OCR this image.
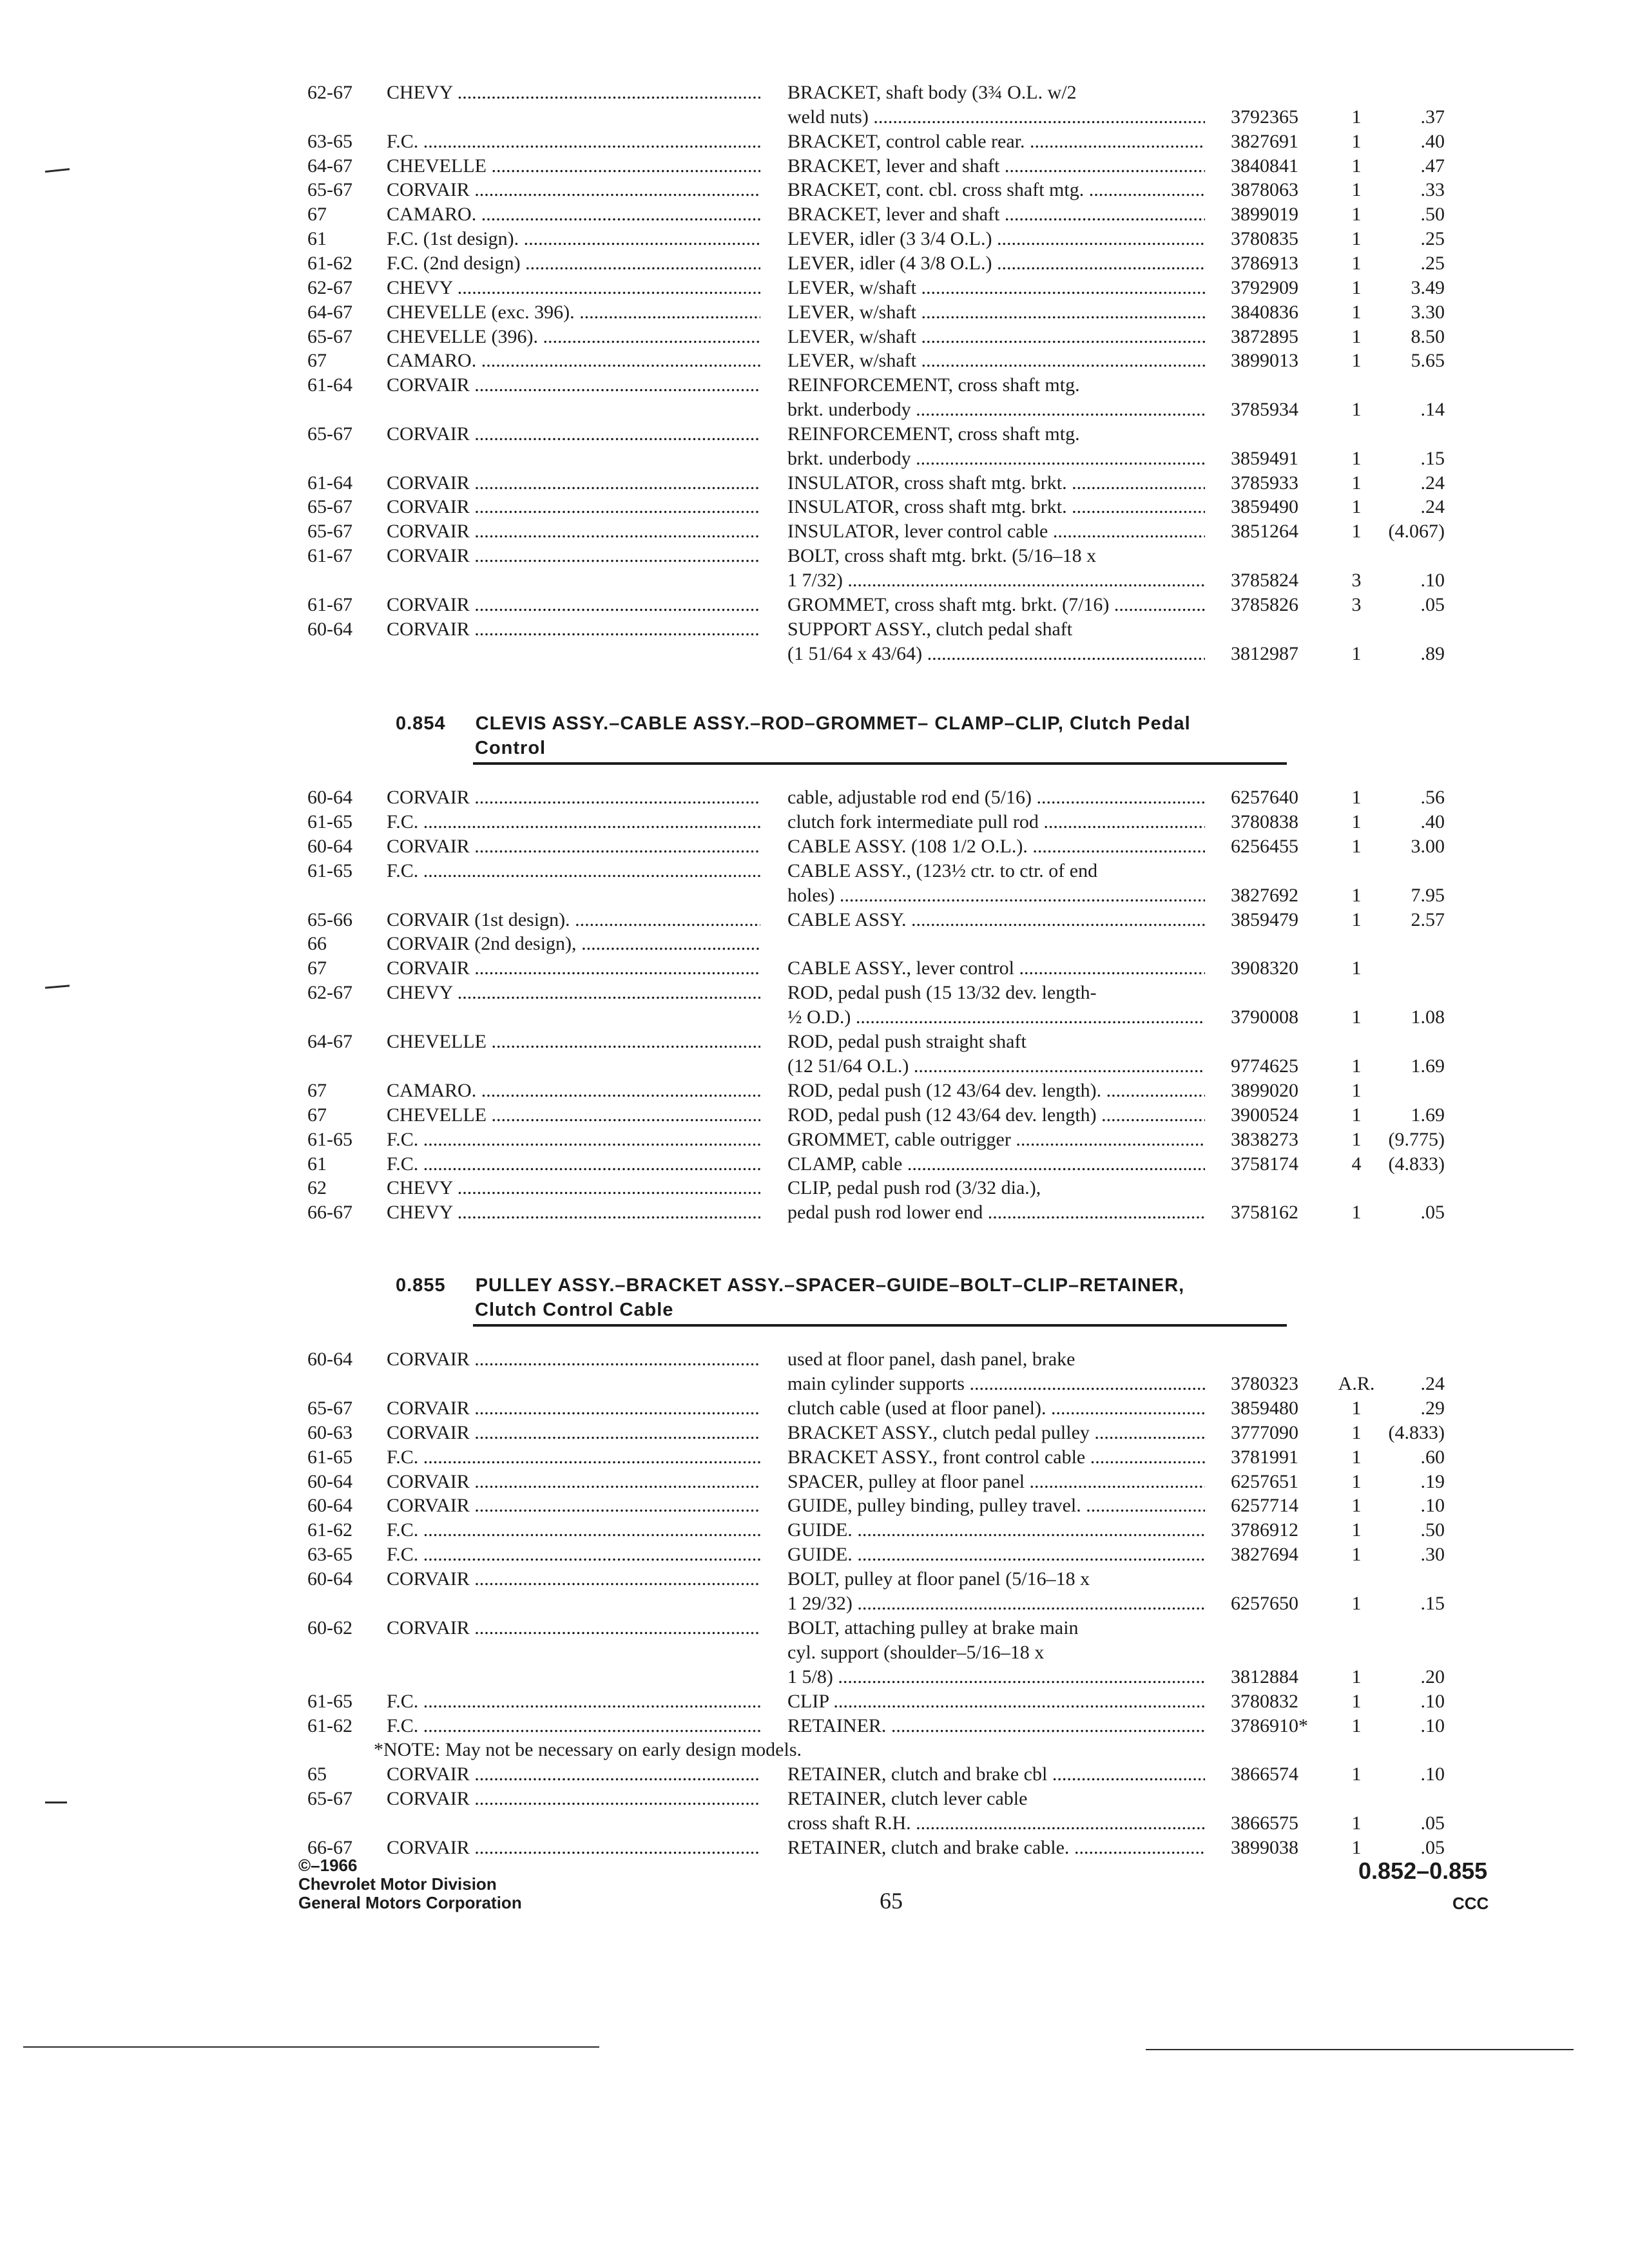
62-67	CHEVY .....	BRACKET, shaft body (3¾ O.L. w/2
weld nuts) .....	3792365	1	.37
63-65	F.C. .....	BRACKET, control cable rear. .....	3827691	1	.40
64-67	CHEVELLE .....	BRACKET, lever and shaft .....	3840841	1	.47
65-67	CORVAIR .....	BRACKET, cont. cbl. cross shaft mtg. .....	3878063	1	.33
67	CAMARO. .....	BRACKET, lever and shaft .....	3899019	1	.50
61	F.C. (1st design). .....	LEVER, idler (3 3/4 O.L.) .....	3780835	1	.25
61-62	F.C. (2nd design) .....	LEVER, idler (4 3/8 O.L.) .....	3786913	1	.25
62-67	CHEVY .....	LEVER, w/shaft .....	3792909	1	3.49
64-67	CHEVELLE (exc. 396). .....	LEVER, w/shaft .....	3840836	1	3.30
65-67	CHEVELLE (396). .....	LEVER, w/shaft .....	3872895	1	8.50
67	CAMARO. .....	LEVER, w/shaft .....	3899013	1	5.65
61-64	CORVAIR .....	REINFORCEMENT, cross shaft mtg.
brkt. underbody .....	3785934	1	.14
65-67	CORVAIR .....	REINFORCEMENT, cross shaft mtg.
brkt. underbody .....	3859491	1	.15
61-64	CORVAIR .....	INSULATOR, cross shaft mtg. brkt. .....	3785933	1	.24
65-67	CORVAIR .....	INSULATOR, cross shaft mtg. brkt. .....	3859490	1	.24
65-67	CORVAIR .....	INSULATOR, lever control cable .....	3851264	1	(4.067)
61-67	CORVAIR .....	BOLT, cross shaft mtg. brkt. (5/16–18 x
1 7/32) .....	3785824	3	.10
61-67	CORVAIR .....	GROMMET, cross shaft mtg. brkt. (7/16) .....	3785826	3	.05
60-64	CORVAIR .....	SUPPORT ASSY., clutch pedal shaft
(1 51/64 x 43/64) .....	3812987	1	.89
0.854 CLEVIS ASSY.–CABLE ASSY.–ROD–GROMMET– CLAMP–CLIP, Clutch Pedal
Control
60-64	CORVAIR .....	cable, adjustable rod end (5/16) .....	6257640	1	.56
61-65	F.C. .....	clutch fork intermediate pull rod .....	3780838	1	.40
60-64	CORVAIR .....	CABLE ASSY. (108 1/2 O.L.). .....	6256455	1	3.00
61-65	F.C. .....	CABLE ASSY., (123½ ctr. to ctr. of end
holes) .....	3827692	1	7.95
65-66	CORVAIR (1st design). .....	CABLE ASSY. .....	3859479	1	2.57
66	CORVAIR (2nd design), .....
67	CORVAIR .....	CABLE ASSY., lever control .....	3908320	1
62-67	CHEVY .....	ROD, pedal push (15 13/32 dev. length-
½ O.D.) .....	3790008	1	1.08
64-67	CHEVELLE .....	ROD, pedal push straight shaft
(12 51/64 O.L.) .....	9774625	1	1.69
67	CAMARO. .....	ROD, pedal push (12 43/64 dev. length). .....	3899020	1
67	CHEVELLE .....	ROD, pedal push (12 43/64 dev. length) .....	3900524	1	1.69
61-65	F.C. .....	GROMMET, cable outrigger .....	3838273	1	(9.775)
61	F.C. .....	CLAMP, cable .....	3758174	4	(4.833)
62	CHEVY .....	CLIP, pedal push rod (3/32 dia.),
66-67	CHEVY .....	pedal push rod lower end .....	3758162	1	.05
0.855 PULLEY ASSY.–BRACKET ASSY.–SPACER–GUIDE–BOLT–CLIP–RETAINER,
Clutch Control Cable
60-64	CORVAIR .....	used at floor panel, dash panel, brake
main cylinder supports .....	3780323	A.R.	.24
65-67	CORVAIR .....	clutch cable (used at floor panel). .....	3859480	1	.29
60-63	CORVAIR .....	BRACKET ASSY., clutch pedal pulley .....	3777090	1	(4.833)
61-65	F.C. .....	BRACKET ASSY., front control cable .....	3781991	1	.60
60-64	CORVAIR .....	SPACER, pulley at floor panel .....	6257651	1	.19
60-64	CORVAIR .....	GUIDE, pulley binding, pulley travel. .....	6257714	1	.10
61-62	F.C. .....	GUIDE. .....	3786912	1	.50
63-65	F.C. .....	GUIDE. .....	3827694	1	.30
60-64	CORVAIR .....	BOLT, pulley at floor panel (5/16–18 x
1 29/32) .....	6257650	1	.15
60-62	CORVAIR .....	BOLT, attaching pulley at brake main
cyl. support (shoulder–5/16–18 x
1 5/8) .....	3812884	1	.20
61-65	F.C. .....	CLIP .....	3780832	1	.10
61-62	F.C. .....	RETAINER. .....	3786910*	1	.10
*NOTE: May not be necessary on early design models.
65	CORVAIR .....	RETAINER, clutch and brake cbl .....	3866574	1	.10
65-67	CORVAIR .....	RETAINER, clutch lever cable
cross shaft R.H. .....	3866575	1	.05
66-67	CORVAIR .....	RETAINER, clutch and brake cable. .....	3899038	1	.05
©–1966
Chevrolet Motor Division
General Motors Corporation	65
0.852–0.855
CCC
